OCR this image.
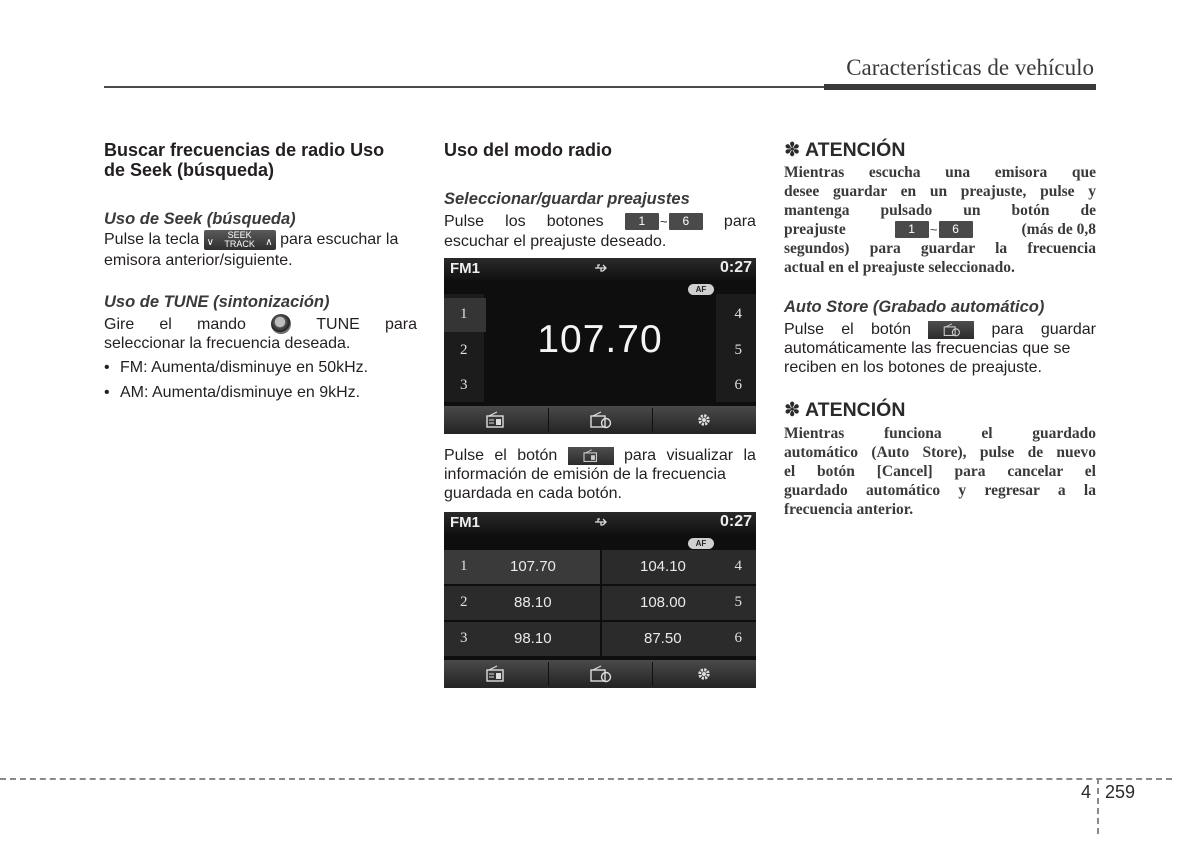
Características de vehículo
Buscar frecuencias de radio Uso
de Seek (búsqueda)
Uso de Seek (búsqueda)
Pulse la tecla ∨
SEEK
TRACK	∧ para escuchar la
emisora anterior/siguiente.
Uso de TUNE (sintonización)
Gire el mando	TUNE para
seleccionar la frecuencia deseada.
• FM: Aumenta/disminuye en 50kHz.
• AM: Aumenta/disminuye en 9kHz.
Uso del modo radio
Seleccionar/guardar preajustes
Pulse los botones	1 ~ 6	para
escuchar el preajuste deseado.
FM1	0:27
AF
1
2
3
4
5
6
107.70
Pulse el botón	para visualizar la
información de emisión de la frecuencia
guardada en cada botón.
FM1	0:27
AF
1	107.70	104.10	4
2	88.10	108.00	5
3	98.10	87.50	6
✽ ATENCIÓN
Mientras escucha una emisora que
desee guardar en un preajuste, pulse y
mantenga pulsado un botón de
preajuste	1 ~ 6	(más de 0,8
segundos) para guardar la frecuencia
actual en el preajuste seleccionado.
Auto Store (Grabado automático)
Pulse el botón	para guardar
automáticamente las frecuencias que se
reciben en los botones de preajuste.
✽ ATENCIÓN
Mientras funciona el guardado
automático (Auto Store), pulse de nuevo
el botón [Cancel] para cancelar el
guardado automático y regresar a la
frecuencia anterior.
4 259
